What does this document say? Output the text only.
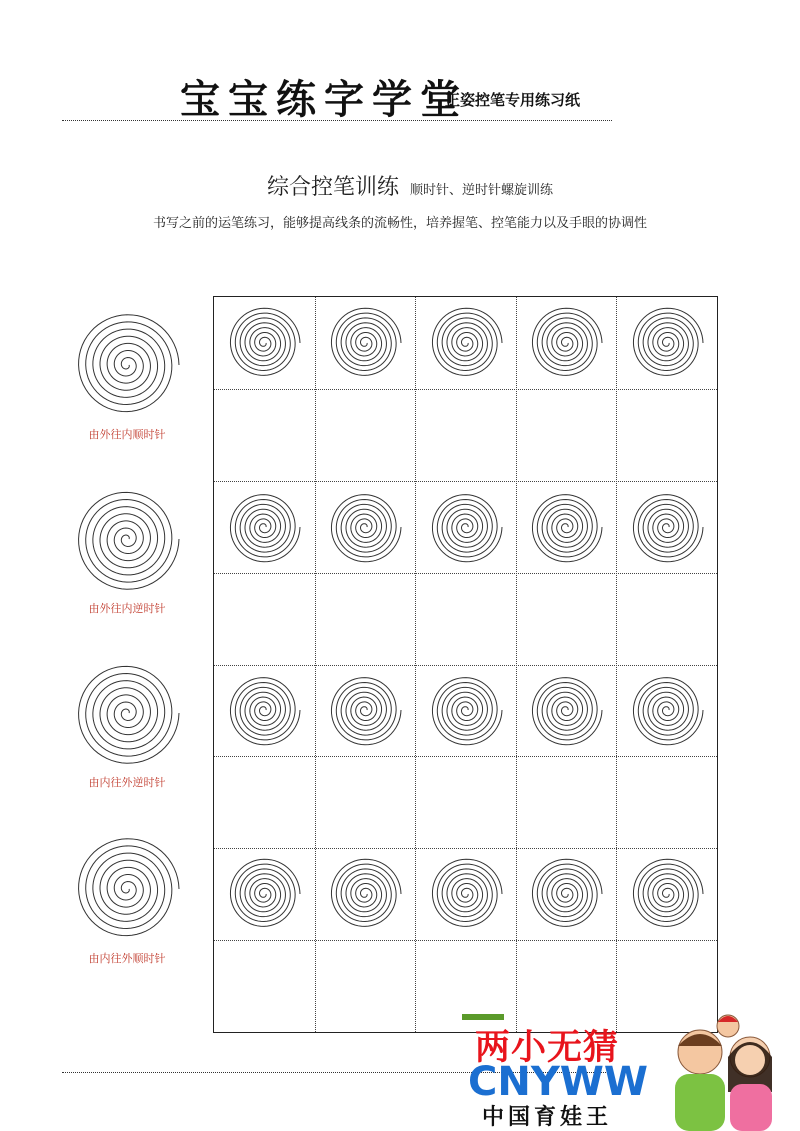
宝宝练字学堂
正姿控笔专用练习纸
综合控笔训练 顺时针、逆时针螺旋训练
书写之前的运笔练习，能够提高线条的流畅性，培养握笔、控笔能力以及手眼的协调性
由外往内顺时针
由外往内逆时针
由内往外逆时针
由内往外顺时针
两小无猜
CNYWW
中国育娃王
